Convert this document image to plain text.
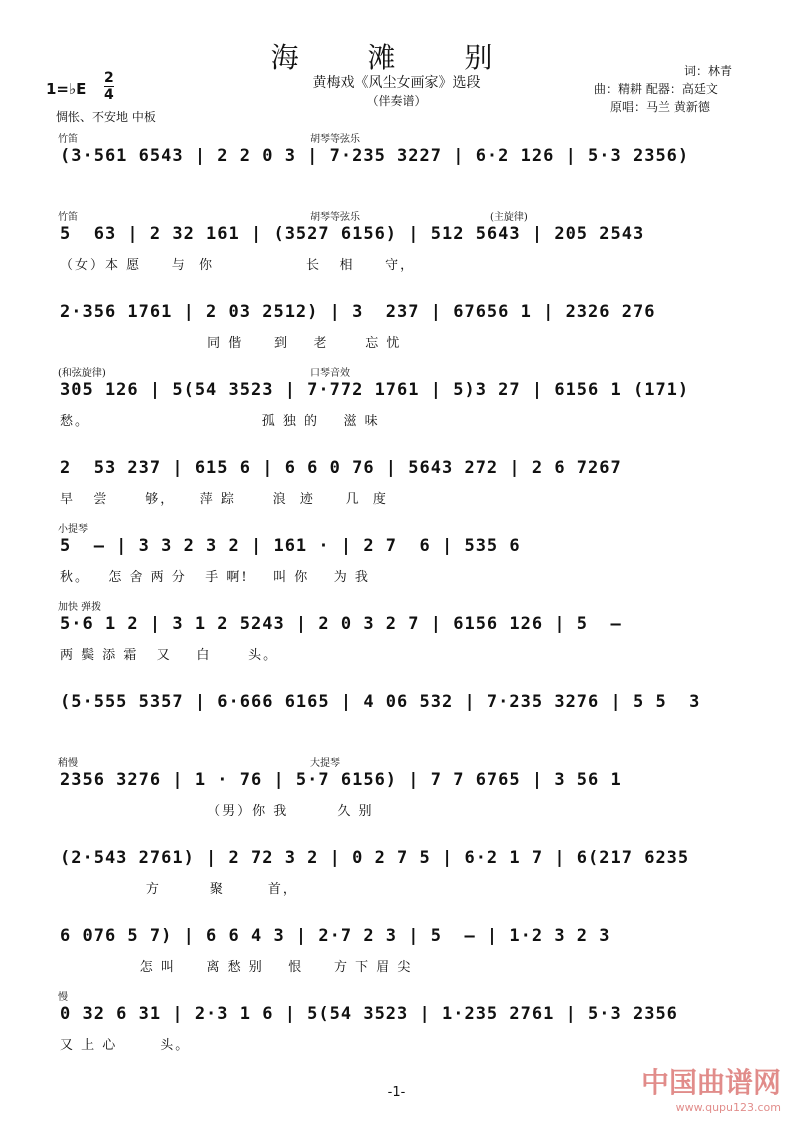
海 滩 别
黄梅戏《风尘女画家》选段
（伴奏谱）
词：林青
曲：精耕 配器：高廷文
原唱：马兰 黄新德
1=♭E
2
4
惆怅、不安地 中板
竹笛	胡琴等弦乐
(3·561 6543 | 2 2 0 3 | 7·235 3227 | 6·2 126 | 5·3 2356)
竹笛	胡琴等弦乐	(主旋律)
5  63 | 2 32 161 | (3527 6156) | 512 5643 | 205 2543
（女）本 愿     与  你               长   相     守，
2·356 1761 | 2 03 2512) | 3  237 | 67656 1 | 2326 276
同 偕     到    老      忘 忧
(和弦旋律)	口琴音效
305 126 | 5(54 3523 | 7·772 1761 | 5)3 27 | 6156 1 (171)
愁。                            孤 独 的    滋 味
2  53 237 | 615 6 | 6 6 0 76 | 5643 272 | 2 6 7267
早   尝      够，    萍 踪      浪  迹     几  度
小提琴
5  — | 3 3 2 3 2 | 161 · | 2 7  6 | 535 6
秋。   怎 舍 两 分   手 啊!    叫 你    为 我
加快 弹拨
5·6 1 2 | 3 1 2 5243 | 2 0 3 2 7 | 6156 126 | 5  —
两 鬓 添 霜   又    白      头。
(5·555 5357 | 6·666 6165 | 4 06 532 | 7·235 3276 | 5 5  3
稍慢	大提琴
2356 3276 | 1 · 76 | 5·7 6156) | 7 7 6765 | 3 56 1
（男）你 我        久 别
(2·543 2761) | 2 72 3 2 | 0 2 7 5 | 6·2 1 7 | 6(217 6235
方        聚       首，
6 076 5 7) | 6 6 4 3 | 2·7 2 3 | 5  — | 1·2 3 2 3
怎 叫     离 愁 别    恨     方 下 眉 尖
慢
0 32 6 31 | 2·3 1 6 | 5(54 3523 | 1·235 2761 | 5·3 2356
又 上 心       头。
-1-	中国曲谱网
www.qupu123.com
